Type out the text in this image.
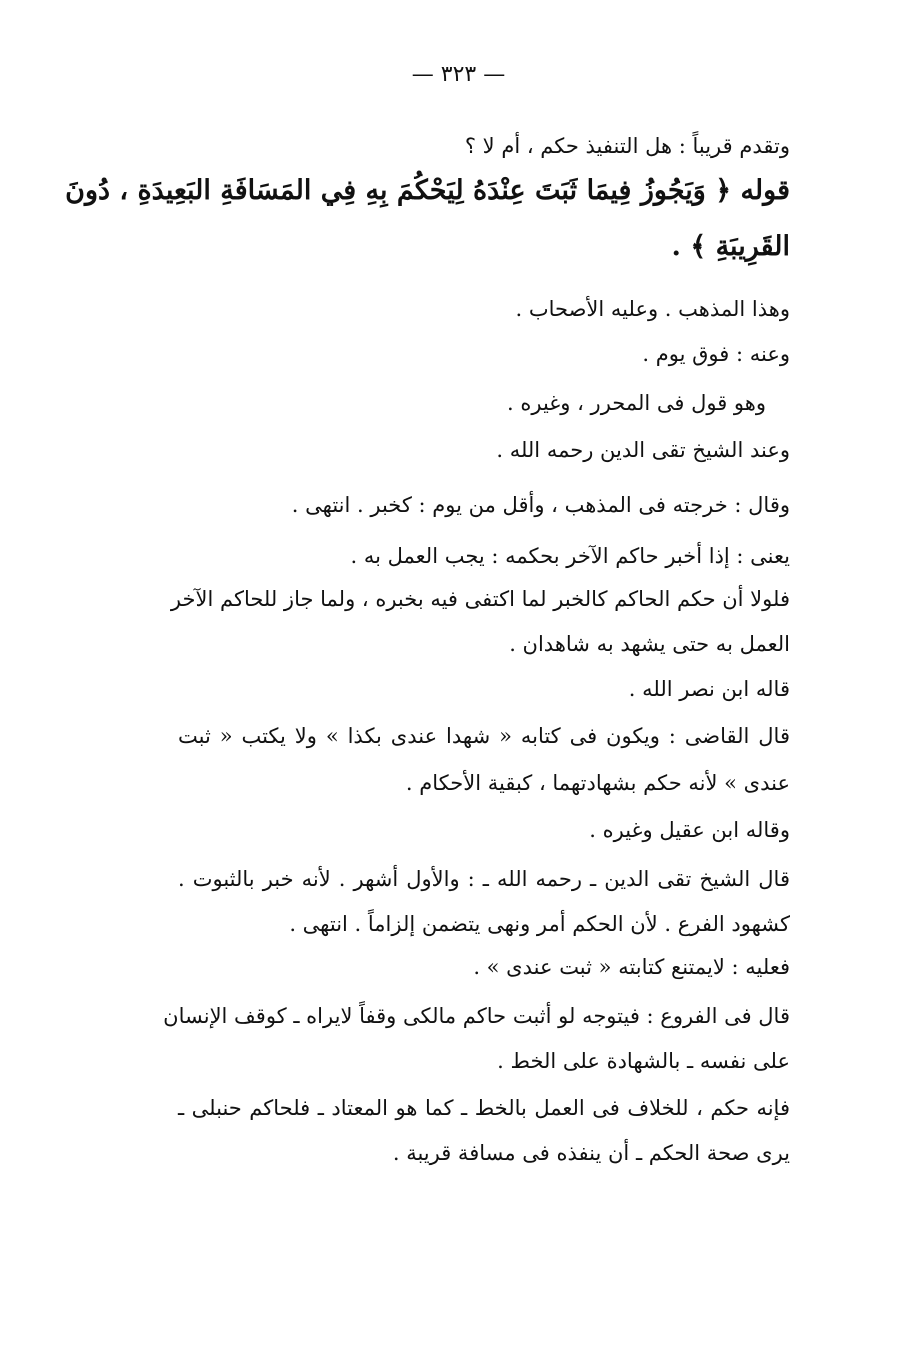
— ٣٢٣ —
وتقدم قريباً : هل التنفيذ حكم ، أم لا ؟
قوله ﴿ وَيَجُوزُ فِيمَا ثَبَتَ عِنْدَهُ لِيَحْكُمَ بِهِ فِي المَسَافَةِ البَعِيدَةِ ، دُونَ
القَرِيبَةِ ﴾ .
وهذا المذهب . وعليه الأصحاب .
وعنه : فوق يوم .
وهو قول فى المحرر ، وغيره .
وعند الشيخ تقى الدين رحمه الله .
وقال : خرجته فى المذهب ، وأقل من يوم : كخبر . انتهى .
يعنى : إذا أخبر حاكم الآخر بحكمه : يجب العمل به .
فلولا أن حكم الحاكم كالخبر لما اكتفى فيه بخبره ، ولما جاز للحاكم الآخر
العمل به حتى يشهد به شاهدان .
قاله ابن نصر الله .
قال القاضى : ويكون فى كتابه « شهدا عندى بكذا » ولا يكتب « ثبت
عندى » لأنه حكم بشهادتهما ، كبقية الأحكام .
وقاله ابن عقيل وغيره .
قال الشيخ تقى الدين ـ رحمه الله ـ : والأول أشهر . لأنه خبر بالثبوت .
كشهود الفرع . لأن الحكم أمر ونهى يتضمن إلزاماً . انتهى .
فعليه : لايمتنع كتابته « ثبت عندى » .
قال فى الفروع : فيتوجه لو أثبت حاكم مالكى وقفاً لايراه ـ كوقف الإنسان
على نفسه ـ بالشهادة على الخط .
فإنه حكم ، للخلاف فى العمل بالخط ـ كما هو المعتاد ـ فلحاكم حنبلى ـ
يرى صحة الحكم ـ أن ينفذه فى مسافة قريبة .
